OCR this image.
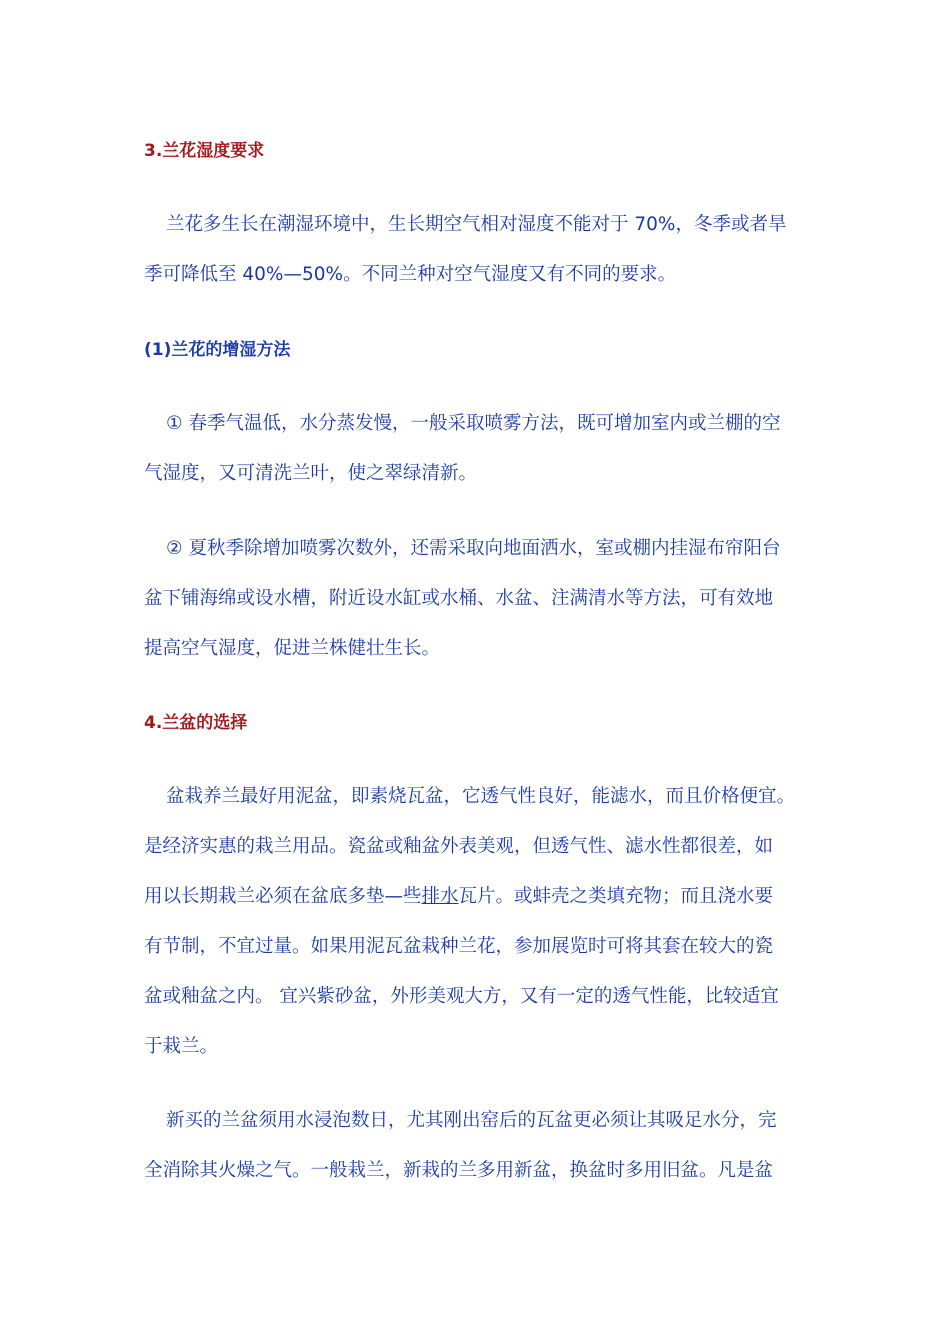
3.兰花湿度要求
兰花多生长在潮湿环境中，生长期空气相对湿度不能对于 70%，冬季或者旱
季可降低至 40%—50%。不同兰种对空气湿度又有不同的要求。
(1)兰花的增湿方法
① 春季气温低，水分蒸发慢，一般采取喷雾方法，既可增加室内或兰棚的空
气湿度，又可清洗兰叶，使之翠绿清新。
② 夏秋季除增加喷雾次数外，还需采取向地面洒水，室或棚内挂湿布帘阳台
盆下铺海绵或设水槽，附近设水缸或水桶、水盆、注满清水等方法，可有效地
提高空气湿度，促进兰株健壮生长。
4.兰盆的选择
盆栽养兰最好用泥盆，即素烧瓦盆，它透气性良好，能滤水，而且价格便宜。
是经济实惠的栽兰用品。瓷盆或釉盆外表美观，但透气性、滤水性都很差，如
用以长期栽兰必须在盆底多垫—些排水瓦片。或蚌壳之类填充物；而且浇水要
有节制，不宜过量。如果用泥瓦盆栽种兰花，参加展览时可将其套在较大的瓷
盆或釉盆之内。 宜兴紫砂盆，外形美观大方，又有一定的透气性能，比较适宜
于栽兰。
新买的兰盆须用水浸泡数日，尤其刚出窑后的瓦盆更必须让其吸足水分，完
全消除其火燥之气。一般栽兰，新栽的兰多用新盆，换盆时多用旧盆。凡是盆
